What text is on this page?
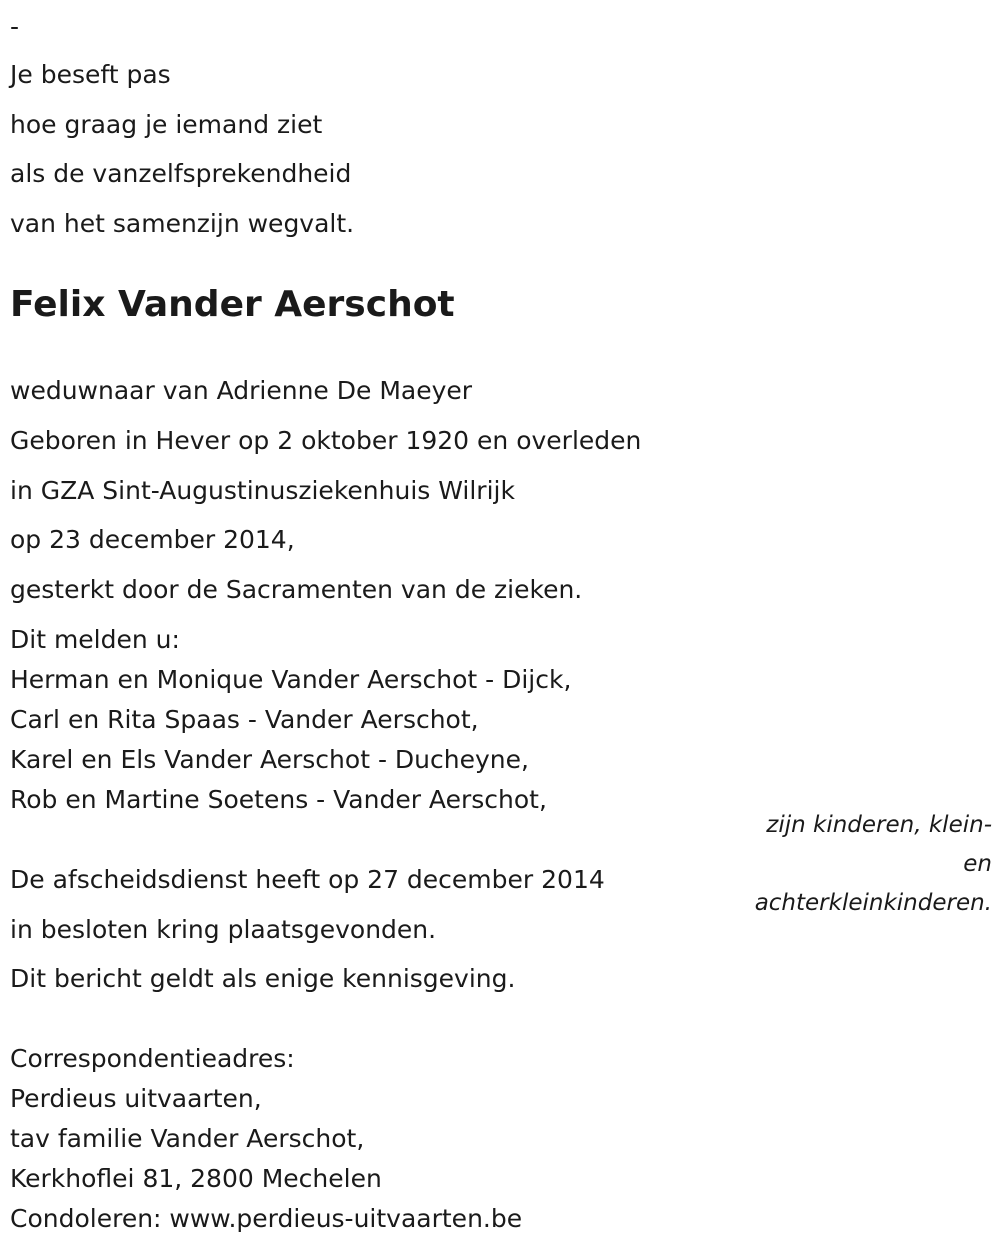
-
Je beseft pas
hoe graag je iemand ziet
als de vanzelfsprekendheid
van het samenzijn wegvalt.
Felix Vander Aerschot
weduwnaar van Adrienne De Maeyer
Geboren in Hever op 2 oktober 1920 en overleden
in GZA Sint-Augustinusziekenhuis Wilrijk
op 23 december 2014,
gesterkt door de Sacramenten van de zieken.
Dit melden u:
Herman en Monique Vander Aerschot - Dijck,
Carl en Rita Spaas - Vander Aerschot,
Karel en Els Vander Aerschot - Ducheyne,
Rob en Martine Soetens - Vander Aerschot,
zijn kinderen, klein-
en
achterkleinkinderen.
De afscheidsdienst heeft op 27 december 2014
in besloten kring plaatsgevonden.
Dit bericht geldt als enige kennisgeving.
Correspondentieadres:
Perdieus uitvaarten,
tav familie Vander Aerschot,
Kerkhoflei 81, 2800 Mechelen
Condoleren: www.perdieus-uitvaarten.be
